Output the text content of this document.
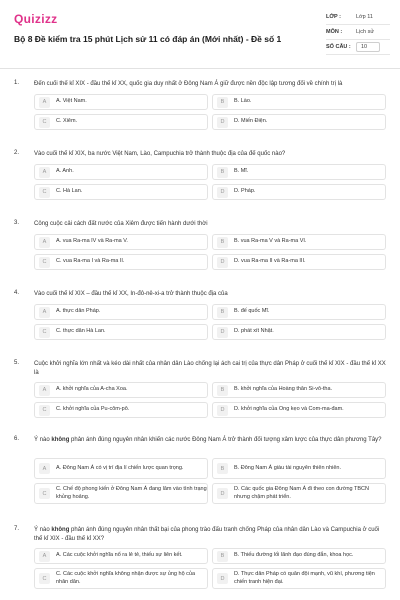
Quizizz
Bộ 8 Đề kiểm tra 15 phút Lịch sử 11 có đáp án (Mới nhất) - Đề số 1
LỚP :	Lớp 11
MÔN :	Lịch sử
SỐ CÂU :	10
1. Đến cuối thế kỉ XIX - đầu thế kỉ XX, quốc gia duy nhất ở Đông Nam Á giữ được nền độc lập tương đối về chính trị là
A	A. Việt Nam.	B	B. Lào.
C	C. Xiêm.	D	D. Miến Điện.
2. Vào cuối thế kỉ XIX, ba nước Việt Nam, Lào, Campuchia trở thành thuộc địa của đế quốc nào?
A	A. Anh.	B	B. Mĩ.
C	C. Hà Lan.	D	D. Pháp.
3. Công cuộc cải cách đất nước của Xiêm được tiến hành dưới thời
A	A. vua Ra-ma IV và Ra-ma V.	B	B. vua Ra-ma V và Ra-ma VI.
C	C. vua Ra-ma I và Ra-ma II.	D	D. vua Ra-ma II và Ra-ma III.
4. Vào cuối thế kỉ XIX – đầu thế kỉ XX, In-đô-nê-xi-a trở thành thuộc địa của
A	A. thực dân Pháp.	B	B. đế quốc Mĩ.
C	C. thực dân Hà Lan.	D	D. phát xít Nhật.
5. Cuộc khởi nghĩa lớn nhất và kéo dài nhất của nhân dân Lào chống lại ách cai trị của thực dân Pháp ở cuối thế kỉ XIX - đầu thế kỉ XX là
A	A. khởi nghĩa của A-cha Xoa.	B	B. khởi nghĩa của Hoàng thân Si-vô-tha.
C	C. khởi nghĩa của Pu-côm-pô.	D	D. khởi nghĩa của Ong kẹo và Com-ma-đam.
6. Ý nào không phản ánh đúng nguyên nhân khiến các nước Đông Nam Á trở thành đối tượng xâm lược của thực dân phương Tây?
A	A. Đông Nam Á có vị trí địa lí chiến lược quan trọng.	B	B. Đông Nam Á giàu tài nguyên thiên nhiên.
C
C. Chế độ phong kiến ở Đông Nam Á đang lâm vào tình trạng khủng hoảng.	D
D. Các quốc gia Đông Nam Á đi theo con đường TBCN nhưng chậm phát triển.
7. Ý nào không phản ánh đúng nguyên nhân thất bại của phong trào đấu tranh chống Pháp của nhân dân Lào và Campuchia ở cuối thế kỉ XIX - đầu thế kỉ XX?
A	A. Các cuộc khởi nghĩa nổ ra lẻ tẻ, thiếu sự liên kết.	B	B. Thiếu đường lối lãnh đạo đúng đắn, khoa học.
C
C. Các cuộc khởi nghĩa không nhận được sự ủng hộ của nhân dân.	D
D. Thực dân Pháp có quân đội mạnh, vũ khí, phương tiện chiến tranh hiện đại.
